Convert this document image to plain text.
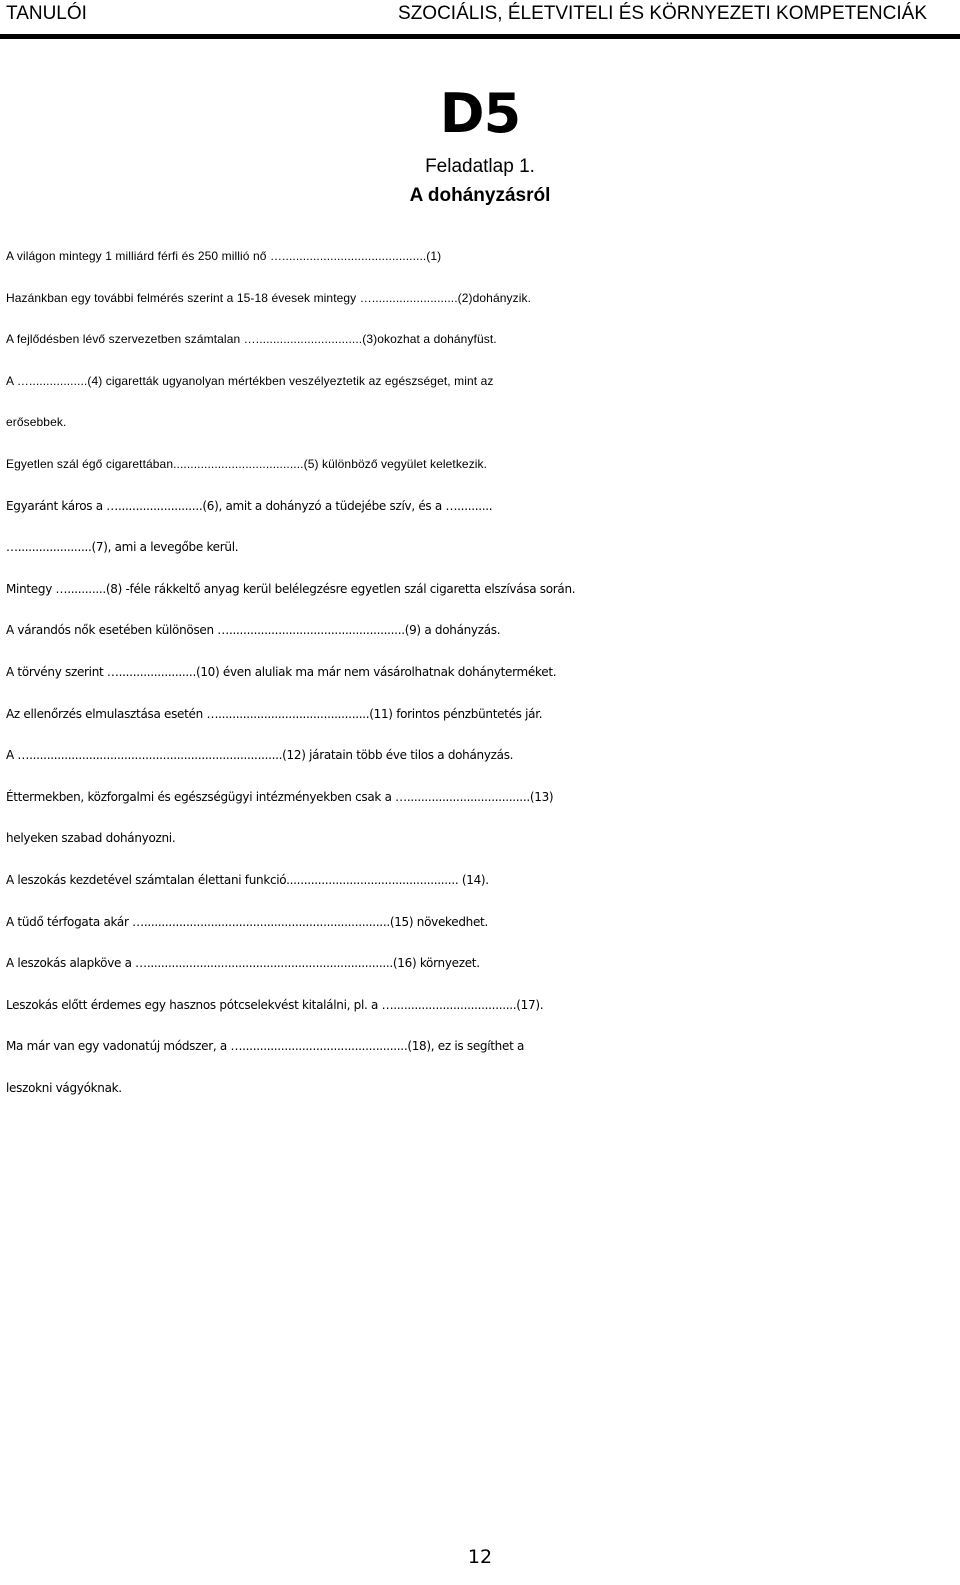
TANULÓI	SZOCIÁLIS, ÉLETVITELI ÉS KÖRNYEZETI KOMPETENCIÁK
D5
Feladatlap 1.
A dohányzásról
A világon mintegy 1 milliárd férfi és 250 millió nő …..........................................(1)
Hazánkban egy további felmérés szerint a 15-18 évesek mintegy ….........................(2)dohányzik.
A fejlődésben lévő szervezetben számtalan …...............................(3)okozhat a dohányfüst.
A ….................(4) cigaretták ugyanolyan mértékben veszélyeztetik az egészséget, mint az
erősebbek.
Egyetlen szál égő cigarettában......................................(5) különböző vegyület keletkezik.
Egyaránt káros a …........................(6), amit a dohányzó a tüdejébe szív, és a …..........
….....................(7), ami a levegőbe kerül.
Mintegy …...........(8) -féle rákkeltő anyag kerül belélegzésre egyetlen szál cigaretta elszívása során.
A várandós nők esetében különösen …..................................................(9) a dohányzás.
A törvény szerint …......................(10) éven aluliak ma már nem vásárolhatnak dohányterméket.
Az ellenőrzés elmulasztása esetén …...........................................(11) forintos pénzbüntetés jár.
A …........................................................................(12) járatain több éve tilos a dohányzás.
Éttermekben, közforgalmi és egészségügyi intézményekben csak a …...................................(13)
helyeken szabad dohányozni.
A leszokás kezdetével számtalan élettani funkció................................................. (14).
A tüdő térfogata akár …......................................................................(15) növekedhet.
A leszokás alapköve a …......................................................................(16) környezet.
Leszokás előtt érdemes egy hasznos pótcselekvést kitalálni, pl. a …...................................(17).
Ma már van egy vadonatúj módszer, a …...............................................(18), ez is segíthet a
leszokni vágyóknak.
12
